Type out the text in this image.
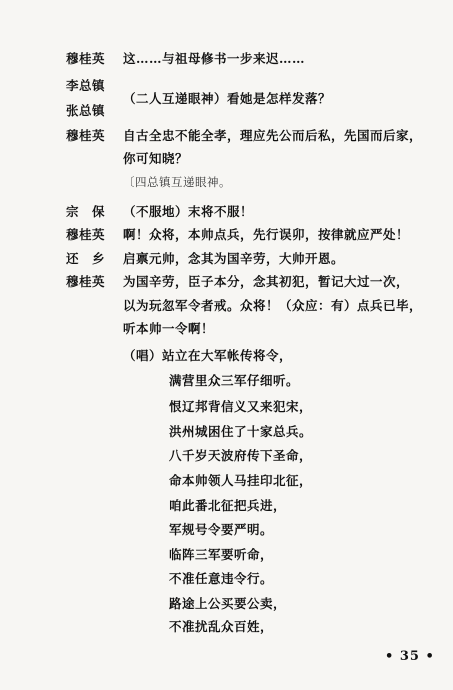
穆桂英 这……与祖母修书一步来迟……
李总镇
（二人互递眼神）看她是怎样发落？
张总镇
穆桂英 自古全忠不能全孝，理应先公而后私，先国而后家，
你可知晓？
〔四总镇互递眼神。
宗　保 （不服地）末将不服！
穆桂英 啊！众将，本帅点兵，先行误卯，按律就应严处！
还　乡 启禀元帅，念其为国辛劳，大帅开恩。
穆桂英 为国辛劳，臣子本分，念其初犯，暂记大过一次，
以为玩忽军令者戒。众将！（众应：有）点兵已毕，
听本帅一令啊！
（唱）站立在大军帐传将令，
满营里众三军仔细听。
恨辽邦背信义又来犯宋，
洪州城困住了十家总兵。
八千岁天波府传下圣命，
命本帅领人马挂印北征，
咱此番北征把兵进，
军规号令要严明。
临阵三军要听命，
不准任意违令行。
路途上公买要公卖，
不准扰乱众百姓，
• 35 •
